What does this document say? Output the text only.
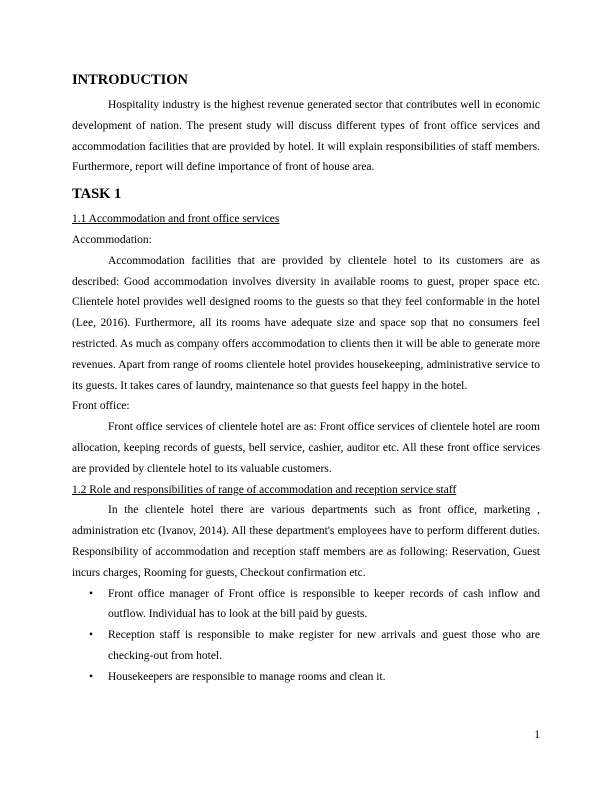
INTRODUCTION

Hospitality industry is the highest revenue generated sector that contributes well in economic development of nation. The present study will discuss different types of front office services and accommodation facilities that are provided by hotel. It will explain responsibilities of staff members. Furthermore, report will define importance of front of house area.

TASK 1

1.1 Accommodation and front office services

Accommodation:

Accommodation facilities that are provided by clientele hotel to its customers are as described: Good accommodation involves diversity in available rooms to guest, proper space etc. Clientele hotel provides well designed rooms to the guests so that they feel conformable in the hotel (Lee, 2016). Furthermore, all its rooms have adequate size and space sop that no consumers feel restricted. As much as company offers accommodation to clients then it will be able to generate more revenues. Apart from range of rooms clientele hotel provides housekeeping, administrative service to its guests. It takes cares of laundry, maintenance so that guests feel happy in the hotel.

Front office:

Front office services of clientele hotel are as: Front office services of clientele hotel are room allocation, keeping records of guests, bell service, cashier, auditor etc. All these front office services are provided by clientele hotel to its valuable customers.

1.2 Role and responsibilities of range of accommodation and reception service staff

In the clientele hotel there are various departments such as front office, marketing , administration etc (Ivanov, 2014). All these department's employees have to perform different duties. Responsibility of accommodation and reception staff members are as following: Reservation, Guest incurs charges, Rooming for guests, Checkout confirmation etc.

• Front office manager of Front office is responsible to keeper records of cash inflow and outflow. Individual has to look at the bill paid by guests.
• Reception staff is responsible to make register for new arrivals and guest those who are checking-out from hotel.
• Housekeepers are responsible to manage rooms and clean it.
1
